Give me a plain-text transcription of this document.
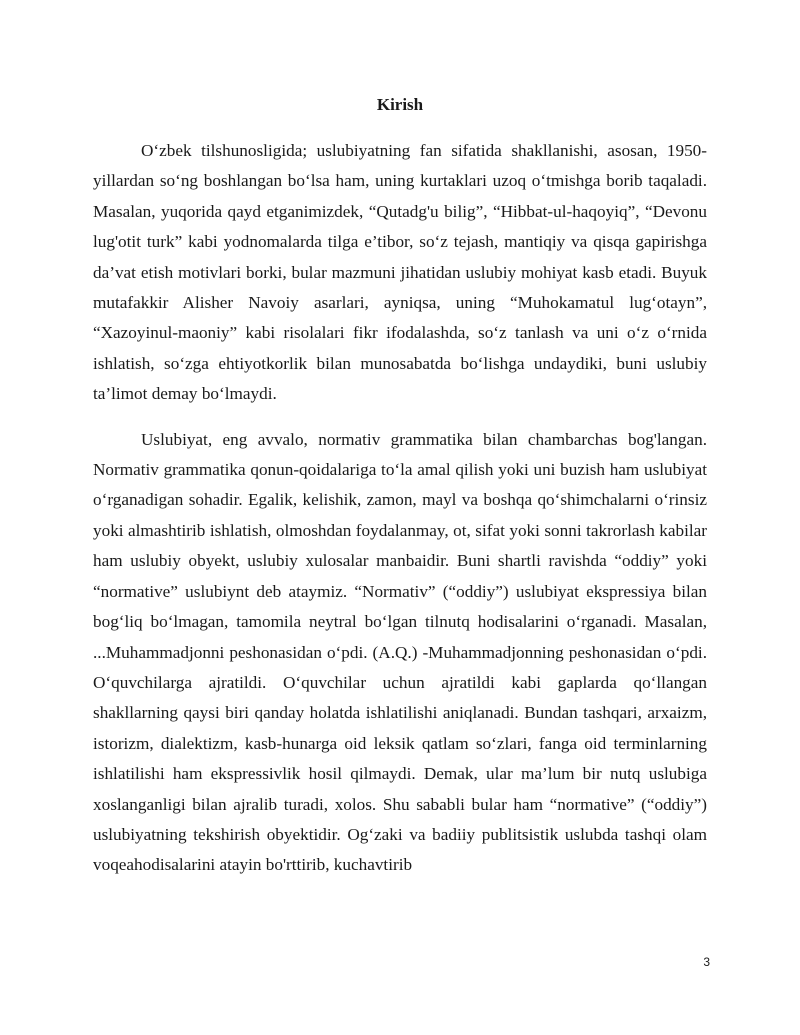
Kirish

O‘zbek tilshunosligida; uslubiyatning fan sifatida shakllanishi, asosan, 1950-yillardan so‘ng boshlangan bo‘lsa ham, uning kurtaklari uzoq o‘tmishga borib taqaladi. Masalan, yuqorida qayd etganimizdek, “Qutadg'u bilig”, “Hibbat-ul-haqoyiq”, “Devonu lug'otit turk” kabi yodnomalarda tilga e’tibor, so‘z tejash, mantiqiy va qisqa gapirishga da’vat etish motivlari borki, bular mazmuni jihatidan uslubiy mohiyat kasb etadi. Buyuk mutafakkir Alisher Navoiy asarlari, ayniqsa, uning “Muhokamatul lug‘otayn”, “Xazoyinul-maoniy” kabi risolalari fikr ifodalashda, so‘z tanlash va uni o‘z o‘rnida ishlatish, so‘zga ehtiyotkorlik bilan munosabatda bo‘lishga undaydiki, buni uslubiy ta’limot demay bo‘lmaydi.

Uslubiyat, eng avvalo, normativ grammatika bilan chambarchas bog'langan. Normativ grammatika qonun-qoidalariga to‘la amal qilish yoki uni buzish ham uslubiyat o‘rganadigan sohadir. Egalik, kelishik, zamon, mayl va boshqa qo‘shimchalarni o‘rinsiz yoki almashtirib ishlatish, olmoshdan foydalanmay, ot, sifat yoki sonni takrorlash kabilar ham uslubiy obyekt, uslubiy xulosalar manbaidir. Buni shartli ravishda “oddiy” yoki “normative” uslubiynt deb ataymiz. “Normativ” (“oddiy”) uslubiyat ekspressiya bilan bog‘liq bo‘lmagan, tamomila neytral bo‘lgan tilnutq hodisalarini o‘rganadi. Masalan, ...Muhammadjonni peshonasidan o‘pdi. (A.Q.) -Muhammadjonning peshonasidan o‘pdi. O‘quvchilarga ajratildi. O‘quvchilar uchun ajratildi kabi gaplarda qo‘llangan shakllarning qaysi biri qanday holatda ishlatilishi aniqlanadi. Bundan tashqari, arxaizm, istorizm, dialektizm, kasb-hunarga oid leksik qatlam so‘zlari, fanga oid terminlarning ishlatilishi ham ekspressivlik hosil qilmaydi. Demak, ular ma’lum bir nutq uslubiga xoslanganligi bilan ajralib turadi, xolos. Shu sababli bular ham “normative” (“oddiy”) uslubiyatning tekshirish obyektidir. Og‘zaki va badiiy publitsistik uslubda tashqi olam voqeahodisalarini atayin bo'rttirib, kuchavtirib

3
